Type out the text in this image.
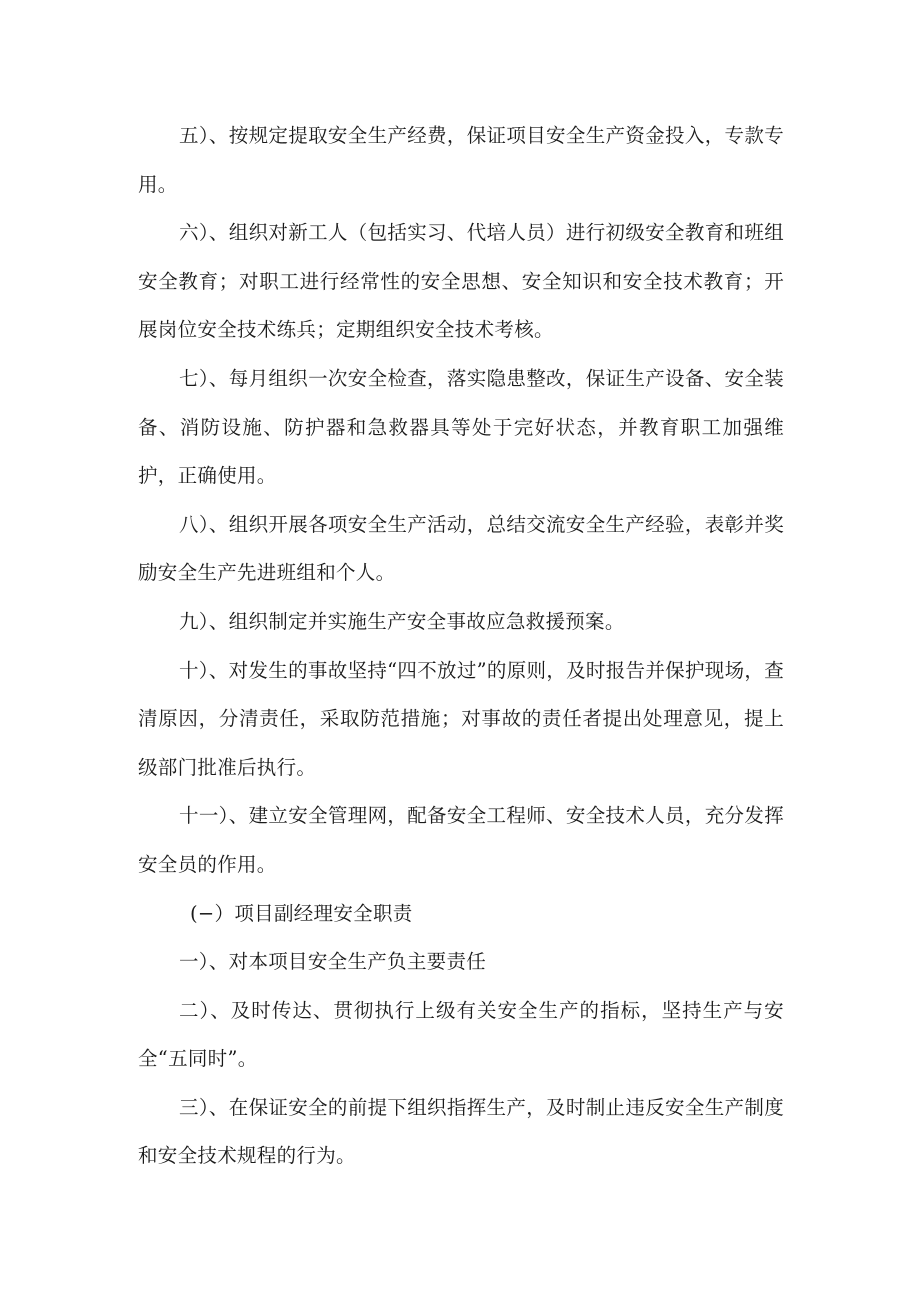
五）、按规定提取安全生产经费，保证项目安全生产资金投入，专款专用。

六）、组织对新工人（包括实习、代培人员）进行初级安全教育和班组安全教育；对职工进行经常性的安全思想、安全知识和安全技术教育；开展岗位安全技术练兵；定期组织安全技术考核。

七）、每月组织一次安全检查，落实隐患整改，保证生产设备、安全装备、消防设施、防护器和急救器具等处于完好状态，并教育职工加强维护，正确使用。

八）、组织开展各项安全生产活动，总结交流安全生产经验，表彰并奖励安全生产先进班组和个人。

九）、组织制定并实施生产安全事故应急救援预案。

十）、对发生的事故坚持“四不放过”的原则，及时报告并保护现场，查清原因，分清责任，采取防范措施；对事故的责任者提出处理意见，提上级部门批准后执行。

十一）、建立安全管理网，配备安全工程师、安全技术人员，充分发挥安全员的作用。

(−）项目副经理安全职责

一）、对本项目安全生产负主要责任

二）、及时传达、贯彻执行上级有关安全生产的指标，坚持生产与安全“五同时”。

三）、在保证安全的前提下组织指挥生产，及时制止违反安全生产制度和安全技术规程的行为。
